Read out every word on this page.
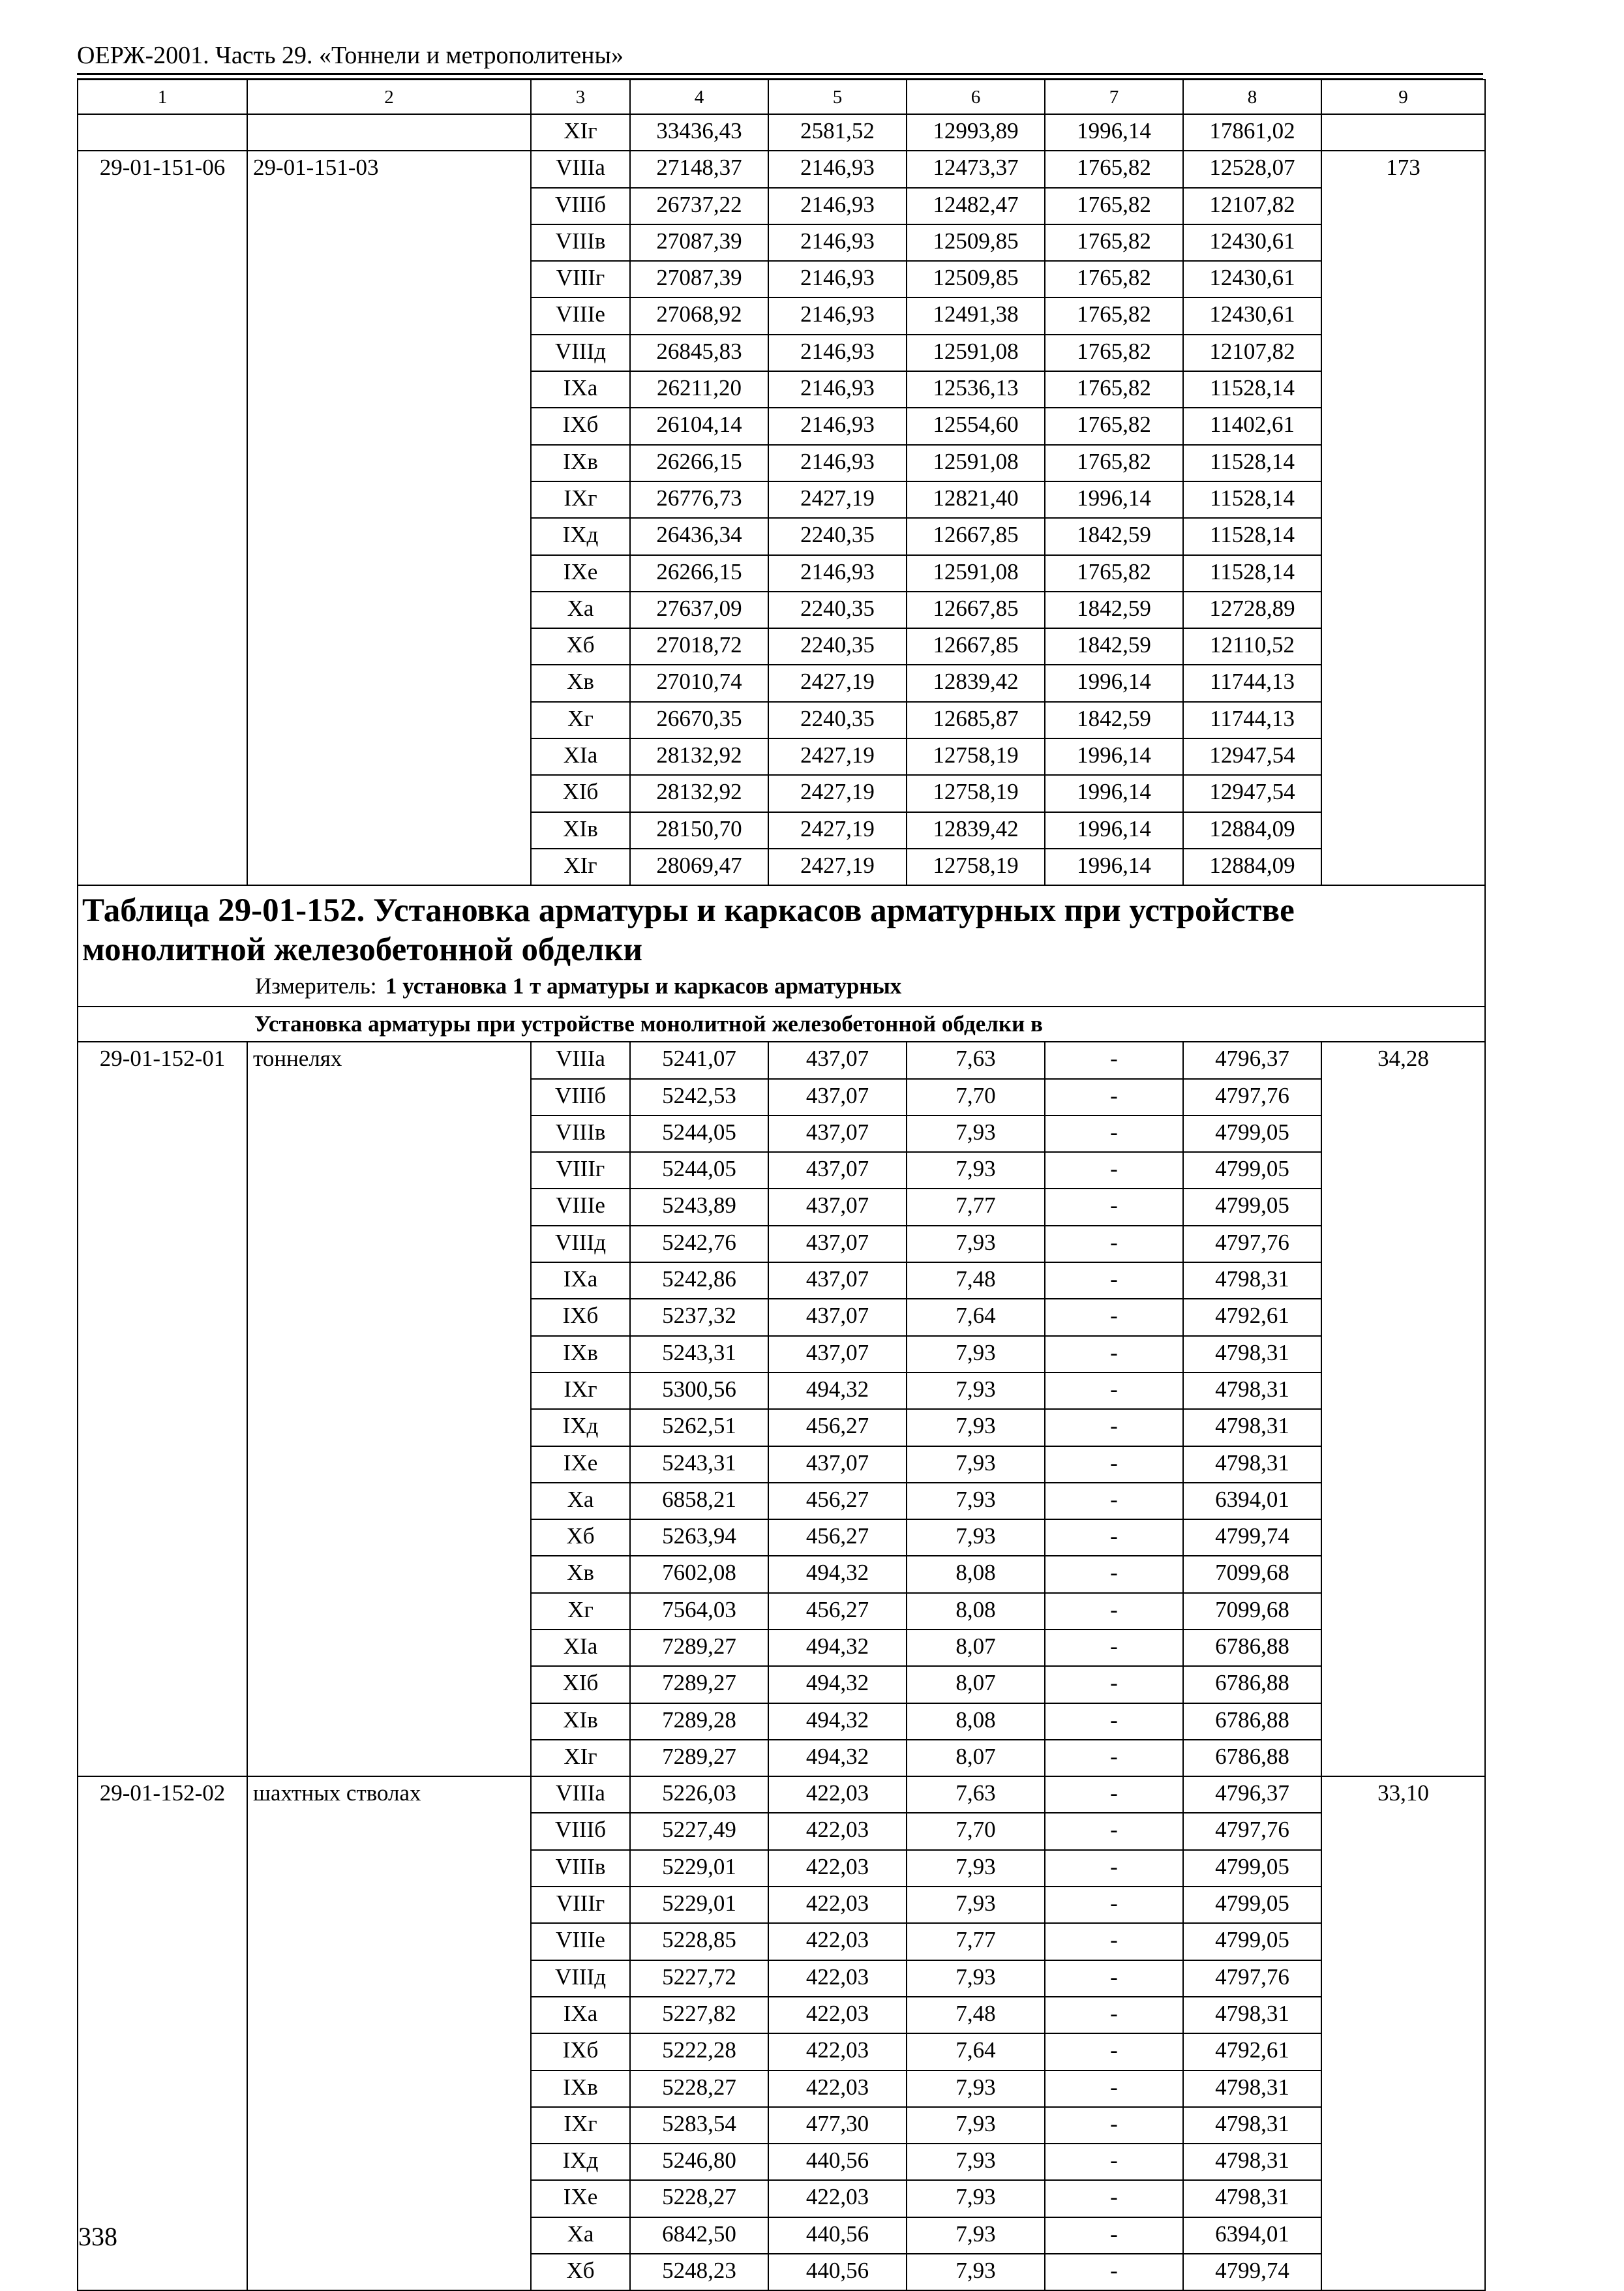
ОЕРЖ-2001. Часть 29. «Тоннели и метрополитены»
1	2	3	4	5	6	7	8	9
		XIг	33436,43	2581,52	12993,89	1996,14	17861,02	
29-01-151-06	29-01-151-03	VIIIа	27148,37	2146,93	12473,37	1765,82	12528,07	173
		VIIIб	26737,22	2146,93	12482,47	1765,82	12107,82	
		VIIIв	27087,39	2146,93	12509,85	1765,82	12430,61	
		VIIIг	27087,39	2146,93	12509,85	1765,82	12430,61	
		VIIIе	27068,92	2146,93	12491,38	1765,82	12430,61	
		VIIIд	26845,83	2146,93	12591,08	1765,82	12107,82	
		IXа	26211,20	2146,93	12536,13	1765,82	11528,14	
		IXб	26104,14	2146,93	12554,60	1765,82	11402,61	
		IXв	26266,15	2146,93	12591,08	1765,82	11528,14	
		IXг	26776,73	2427,19	12821,40	1996,14	11528,14	
		IXд	26436,34	2240,35	12667,85	1842,59	11528,14	
		IXе	26266,15	2146,93	12591,08	1765,82	11528,14	
		Xа	27637,09	2240,35	12667,85	1842,59	12728,89	
		Xб	27018,72	2240,35	12667,85	1842,59	12110,52	
		Xв	27010,74	2427,19	12839,42	1996,14	11744,13	
		Xг	26670,35	2240,35	12685,87	1842,59	11744,13	
		XIа	28132,92	2427,19	12758,19	1996,14	12947,54	
		XIб	28132,92	2427,19	12758,19	1996,14	12947,54	
		XIв	28150,70	2427,19	12839,42	1996,14	12884,09	
		XIг	28069,47	2427,19	12758,19	1996,14	12884,09	

Таблица 29-01-152. Установка арматуры и каркасов арматурных при устройстве монолитной железобетонной обделки
Измеритель: 1 установка 1 т арматуры и каркасов арматурных								

Установка арматуры при устройстве монолитной железобетонной обделки в								
29-01-152-01	тоннелях	VIIIа	5241,07	437,07	7,63	-	4796,37	34,28
		VIIIб	5242,53	437,07	7,70	-	4797,76	
		VIIIв	5244,05	437,07	7,93	-	4799,05	
		VIIIг	5244,05	437,07	7,93	-	4799,05	
		VIIIе	5243,89	437,07	7,77	-	4799,05	
		VIIIд	5242,76	437,07	7,93	-	4797,76	
		IXа	5242,86	437,07	7,48	-	4798,31	
		IXб	5237,32	437,07	7,64	-	4792,61	
		IXв	5243,31	437,07	7,93	-	4798,31	
		IXг	5300,56	494,32	7,93	-	4798,31	
		IXд	5262,51	456,27	7,93	-	4798,31	
		IXе	5243,31	437,07	7,93	-	4798,31	
		Xа	6858,21	456,27	7,93	-	6394,01	
		Xб	5263,94	456,27	7,93	-	4799,74	
		Xв	7602,08	494,32	8,08	-	7099,68	
		Xг	7564,03	456,27	8,08	-	7099,68	
		XIа	7289,27	494,32	8,07	-	6786,88	
		XIб	7289,27	494,32	8,07	-	6786,88	
		XIв	7289,28	494,32	8,08	-	6786,88	
		XIг	7289,27	494,32	8,07	-	6786,88	
29-01-152-02	шахтных стволах	VIIIа	5226,03	422,03	7,63	-	4796,37	33,10
		VIIIб	5227,49	422,03	7,70	-	4797,76	
		VIIIв	5229,01	422,03	7,93	-	4799,05	
		VIIIг	5229,01	422,03	7,93	-	4799,05	
		VIIIе	5228,85	422,03	7,77	-	4799,05	
		VIIIд	5227,72	422,03	7,93	-	4797,76	
		IXа	5227,82	422,03	7,48	-	4798,31	
		IXб	5222,28	422,03	7,64	-	4792,61	
		IXв	5228,27	422,03	7,93	-	4798,31	
		IXг	5283,54	477,30	7,93	-	4798,31	
		IXд	5246,80	440,56	7,93	-	4798,31	
		IXе	5228,27	422,03	7,93	-	4798,31	
		Xа	6842,50	440,56	7,93	-	6394,01	
		Xб	5248,23	440,56	7,93	-	4799,74	
338
